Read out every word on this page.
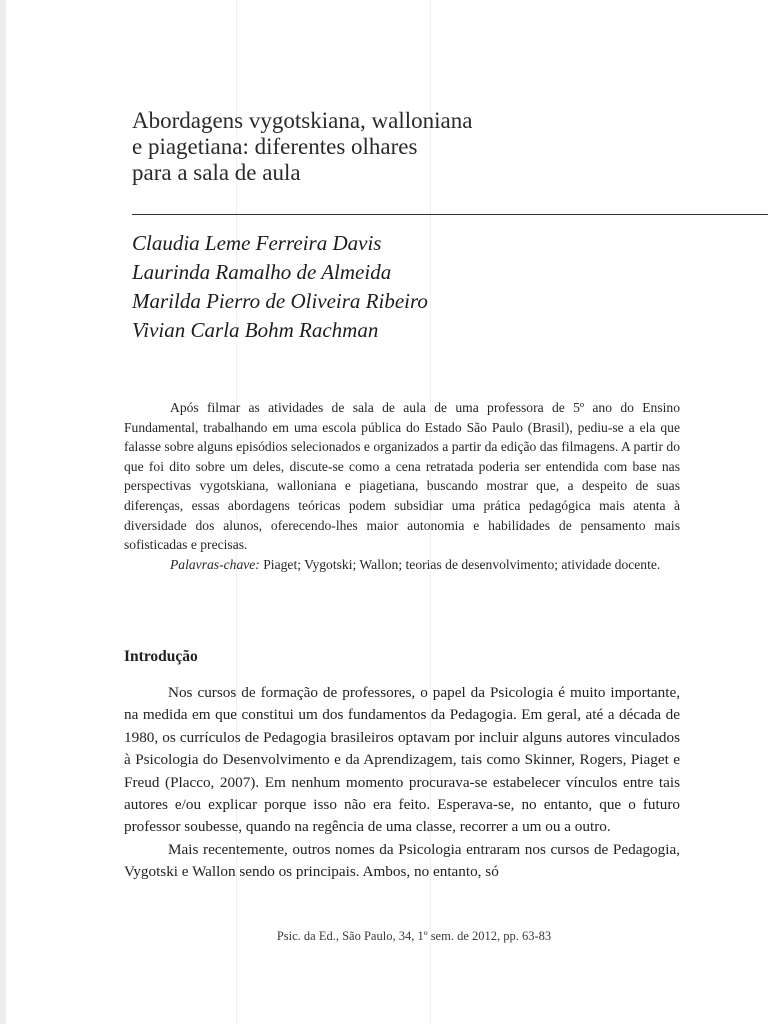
Abordagens vygotskiana, walloniana
e piagetiana: diferentes olhares
para a sala de aula
Claudia Leme Ferreira Davis
Laurinda Ramalho de Almeida
Marilda Pierro de Oliveira Ribeiro
Vivian Carla Bohm Rachman

Após filmar as atividades de sala de aula de uma professora de 5º ano do Ensino Fundamental, trabalhando em uma escola pública do Estado São Paulo (Brasil), pediu-se a ela que falasse sobre alguns episódios selecionados e organizados a partir da edição das filmagens. A partir do que foi dito sobre um deles, discute-se como a cena retratada poderia ser entendida com base nas perspectivas vygotskiana, walloniana e piagetiana, buscando mostrar que, a despeito de suas diferenças, essas abordagens teóricas podem subsidiar uma prática pedagógica mais atenta à diversidade dos alunos, oferecendo-lhes maior autonomia e habilidades de pensamento mais sofisticadas e precisas.

Palavras-chave: Piaget; Vygotski; Wallon; teorias de desenvolvimento; atividade docente.

Introdução

Nos cursos de formação de professores, o papel da Psicologia é muito importante, na medida em que constitui um dos fundamentos da Pedagogia. Em geral, até a década de 1980, os currículos de Pedagogia brasileiros optavam por incluir alguns autores vinculados à Psicologia do Desenvolvimento e da Aprendizagem, tais como Skinner, Rogers, Piaget e Freud (Placco, 2007). Em nenhum momento procurava-se estabelecer vínculos entre tais autores e/ou explicar porque isso não era feito. Esperava-se, no entanto, que o futuro professor soubesse, quando na regência de uma classe, recorrer a um ou a outro.

Mais recentemente, outros nomes da Psicologia entraram nos cursos de Pedagogia, Vygotski e Wallon sendo os principais. Ambos, no entanto, só

Psic. da Ed., São Paulo, 34, 1º sem. de 2012, pp. 63-83
